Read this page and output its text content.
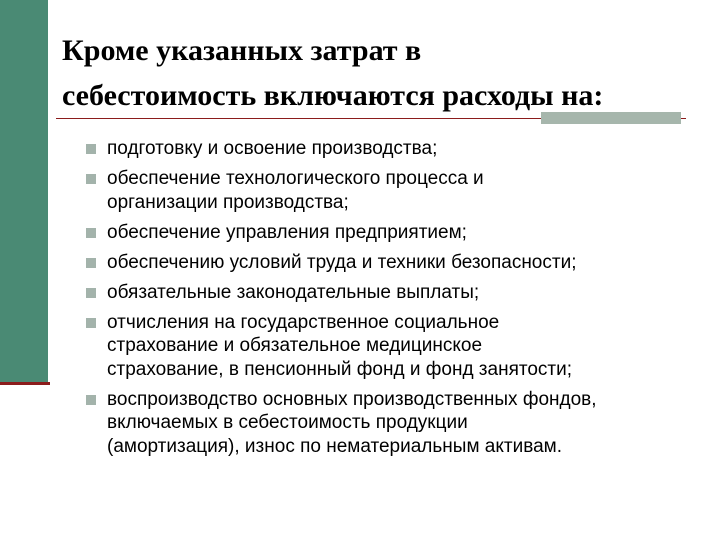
Кроме указанных затрат в
себестоимость включаются расходы на:
подготовку и освоение производства;
обеспечение технологического процесса и
организации производства;
обеспечение управления предприятием;
обеспечению условий труда и техники безопасности;
обязательные законодательные выплаты;
отчисления на государственное социальное
страхование и обязательное медицинское
страхование, в пенсионный фонд и фонд занятости;
воспроизводство основных производственных фондов,
включаемых в себестоимость продукции
(амортизация), износ по нематериальным активам.
